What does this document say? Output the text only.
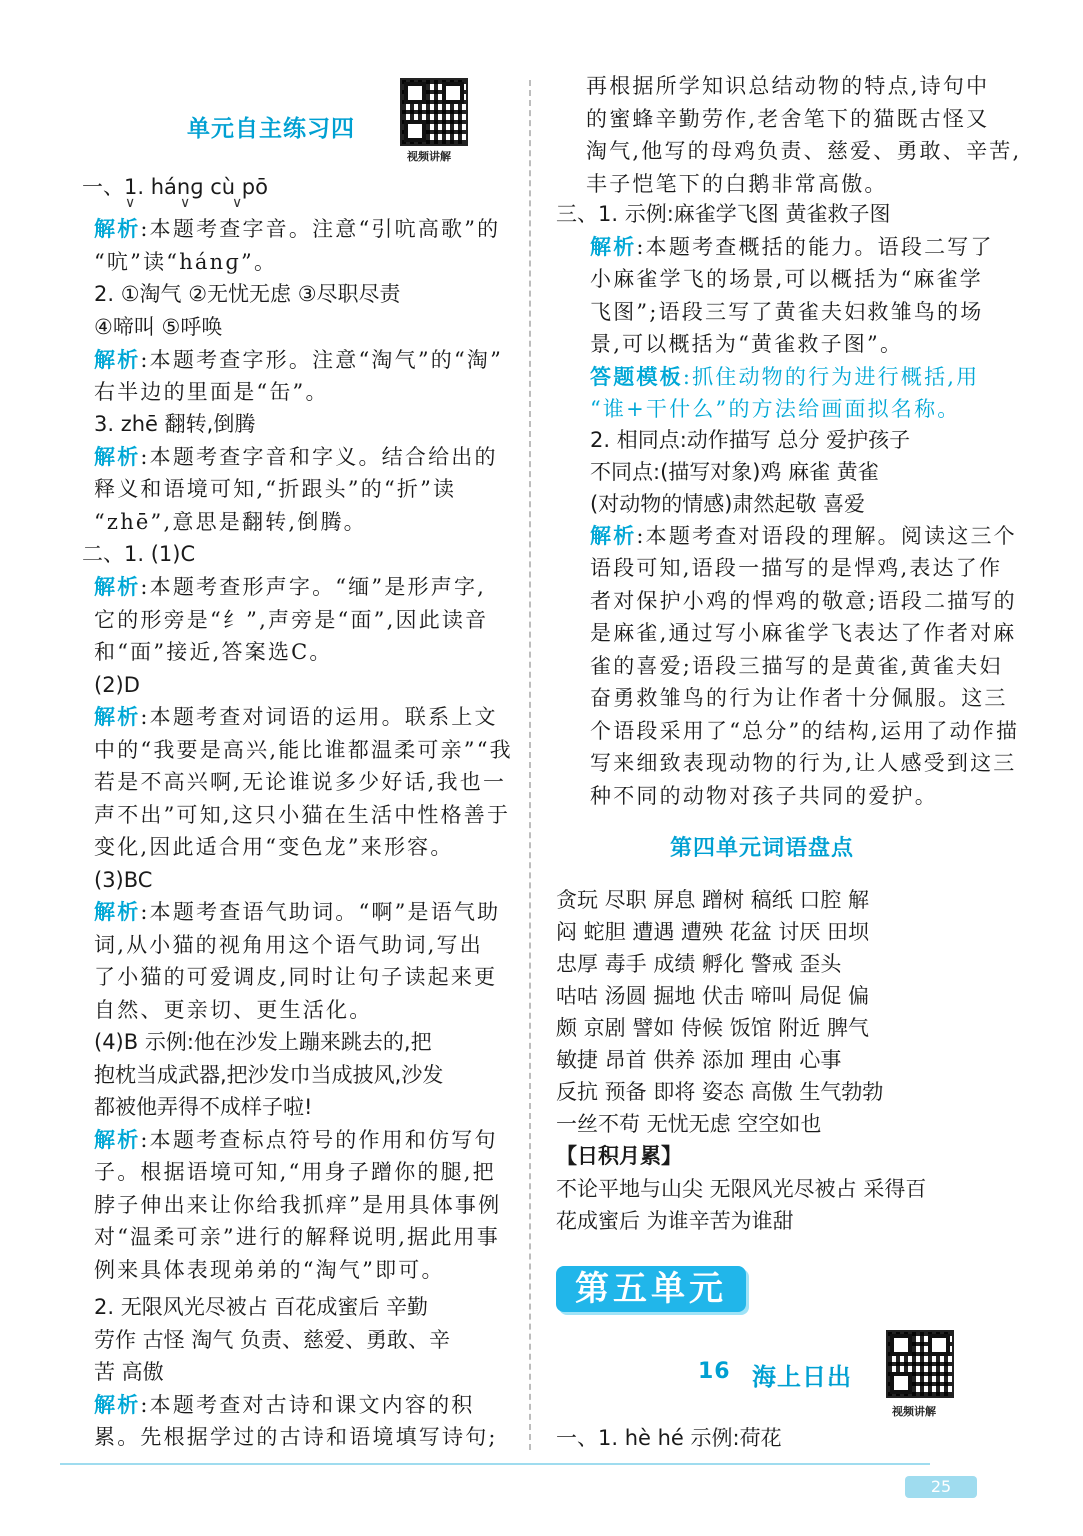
单元自主练习四
视频讲解
一、1. hánɡ cù pō
解析:本题考查字音。注意“引吭高歌”的
“吭”读“hánɡ”。
2. ①淘气 ②无忧无虑 ③尽职尽责
④啼叫 ⑤呼唤
解析:本题考查字形。注意“淘气”的“淘”
右半边的里面是“缶”。
3. zhē 翻转,倒腾
解析:本题考查字音和字义。结合给出的
释义和语境可知,“折跟头”的“折”读
“zhē”,意思是翻转,倒腾。
二、1. (1)C
解析:本题考查形声字。“缅”是形声字,
它的形旁是“纟”,声旁是“面”,因此读音
和“面”接近,答案选C。
(2)D
解析:本题考查对词语的运用。联系上文
中的“我要是高兴,能比谁都温柔可亲”“我
若是不高兴啊,无论谁说多少好话,我也一
声不出”可知,这只小猫在生活中性格善于
变化,因此适合用“变色龙”来形容。
(3)BC
解析:本题考查语气助词。“啊”是语气助
词,从小猫的视角用这个语气助词,写出
了小猫的可爱调皮,同时让句子读起来更
自然、更亲切、更生活化。
(4)B 示例:他在沙发上蹦来跳去的,把
抱枕当成武器,把沙发巾当成披风,沙发
都被他弄得不成样子啦!
解析:本题考查标点符号的作用和仿写句
子。根据语境可知,“用身子蹭你的腿,把
脖子伸出来让你给我抓痒”是用具体事例
对“温柔可亲”进行的解释说明,据此用事
例来具体表现弟弟的“淘气”即可。
2. 无限风光尽被占 百花成蜜后 辛勤
劳作 古怪 淘气 负责、慈爱、勇敢、辛
苦 高傲
解析:本题考查对古诗和课文内容的积
累。先根据学过的古诗和语境填写诗句;
∨	∨	∨
再根据所学知识总结动物的特点,诗句中
的蜜蜂辛勤劳作,老舍笔下的猫既古怪又
淘气,他写的母鸡负责、慈爱、勇敢、辛苦,
丰子恺笔下的白鹅非常高傲。
三、1. 示例:麻雀学飞图 黄雀救子图
解析:本题考查概括的能力。语段二写了
小麻雀学飞的场景,可以概括为“麻雀学
飞图”;语段三写了黄雀夫妇救雏鸟的场
景,可以概括为“黄雀救子图”。
答题模板:抓住动物的行为进行概括,用
“谁+干什么”的方法给画面拟名称。
2. 相同点:动作描写 总分 爱护孩子
不同点:(描写对象)鸡 麻雀 黄雀
(对动物的情感)肃然起敬 喜爱
解析:本题考查对语段的理解。阅读这三个
语段可知,语段一描写的是悍鸡,表达了作
者对保护小鸡的悍鸡的敬意;语段二描写的
是麻雀,通过写小麻雀学飞表达了作者对麻
雀的喜爱;语段三描写的是黄雀,黄雀夫妇
奋勇救雏鸟的行为让作者十分佩服。这三
个语段采用了“总分”的结构,运用了动作描
写来细致表现动物的行为,让人感受到这三
种不同的动物对孩子共同的爱护。
第四单元词语盘点
贪玩 尽职 屏息 蹭树 稿纸 口腔 解
闷 蛇胆 遭遇 遭殃 花盆 讨厌 田坝
忠厚 毒手 成绩 孵化 警戒 歪头
咕咕 汤圆 掘地 伏击 啼叫 局促 偏
颇 京剧 譬如 侍候 饭馆 附近 脾气
敏捷 昂首 供养 添加 理由 心事
反抗 预备 即将 姿态 高傲 生气勃勃
一丝不苟 无忧无虑 空空如也
【日积月累】
不论平地与山尖 无限风光尽被占 采得百
花成蜜后 为谁辛苦为谁甜
16 海上日出
视频讲解
一、1. hè hé 示例:荷花
第五单元
25
